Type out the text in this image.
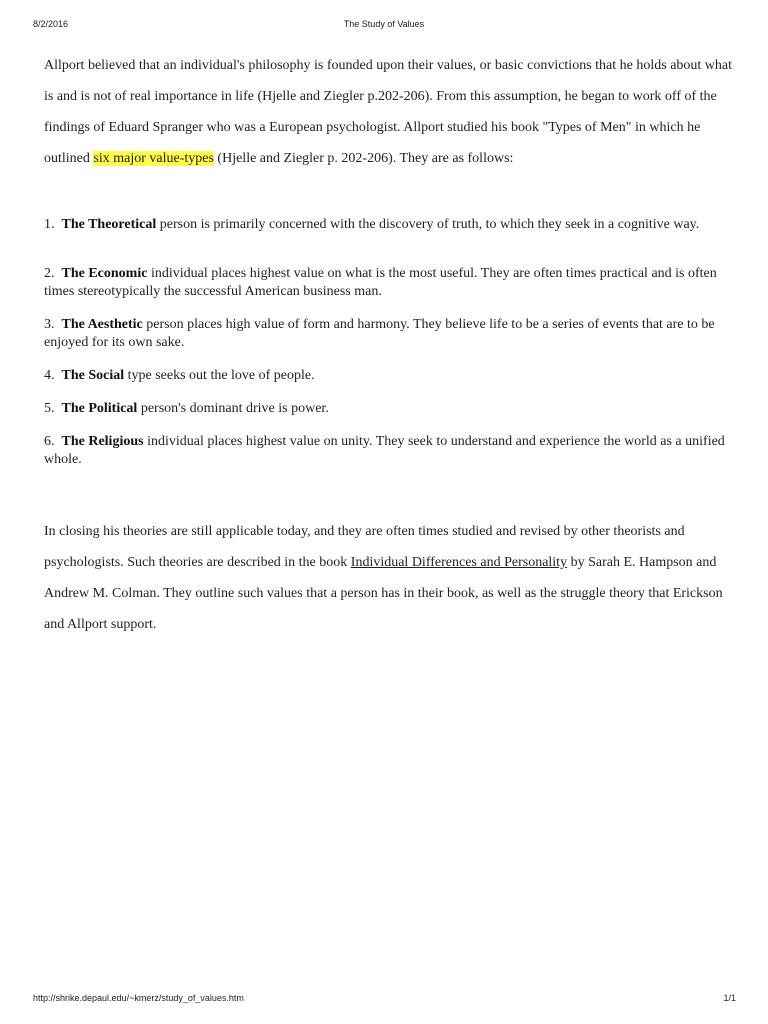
The Study of Values
8/2/2016

Allport believed that an individual's philosophy is founded upon their values, or basic convictions that he holds about what is and is not of real importance in life (Hjelle and Ziegler p.202-206). From this assumption, he began to work off of the findings of Eduard Spranger who was a European psychologist. Allport studied his book "Types of Men" in which he outlined six major value-types (Hjelle and Ziegler p. 202-206). They are as follows:

1. The Theoretical person is primarily concerned with the discovery of truth, to which they seek in a cognitive way.
2. The Economic individual places highest value on what is the most useful. They are often times practical and is often times stereotypically the successful American business man.
3. The Aesthetic person places high value of form and harmony. They believe life to be a series of events that are to be enjoyed for its own sake.
4. The Social type seeks out the love of people.
5. The Political person's dominant drive is power.
6. The Religious individual places highest value on unity. They seek to understand and experience the world as a unified whole.

In closing his theories are still applicable today, and they are often times studied and revised by other theorists and psychologists. Such theories are described in the book Individual Differences and Personality by Sarah E. Hampson and Andrew M. Colman. They outline such values that a person has in their book, as well as the struggle theory that Erickson and Allport support.

http://shrike.depaul.edu/~kmerz/study_of_values.htm	1/1
